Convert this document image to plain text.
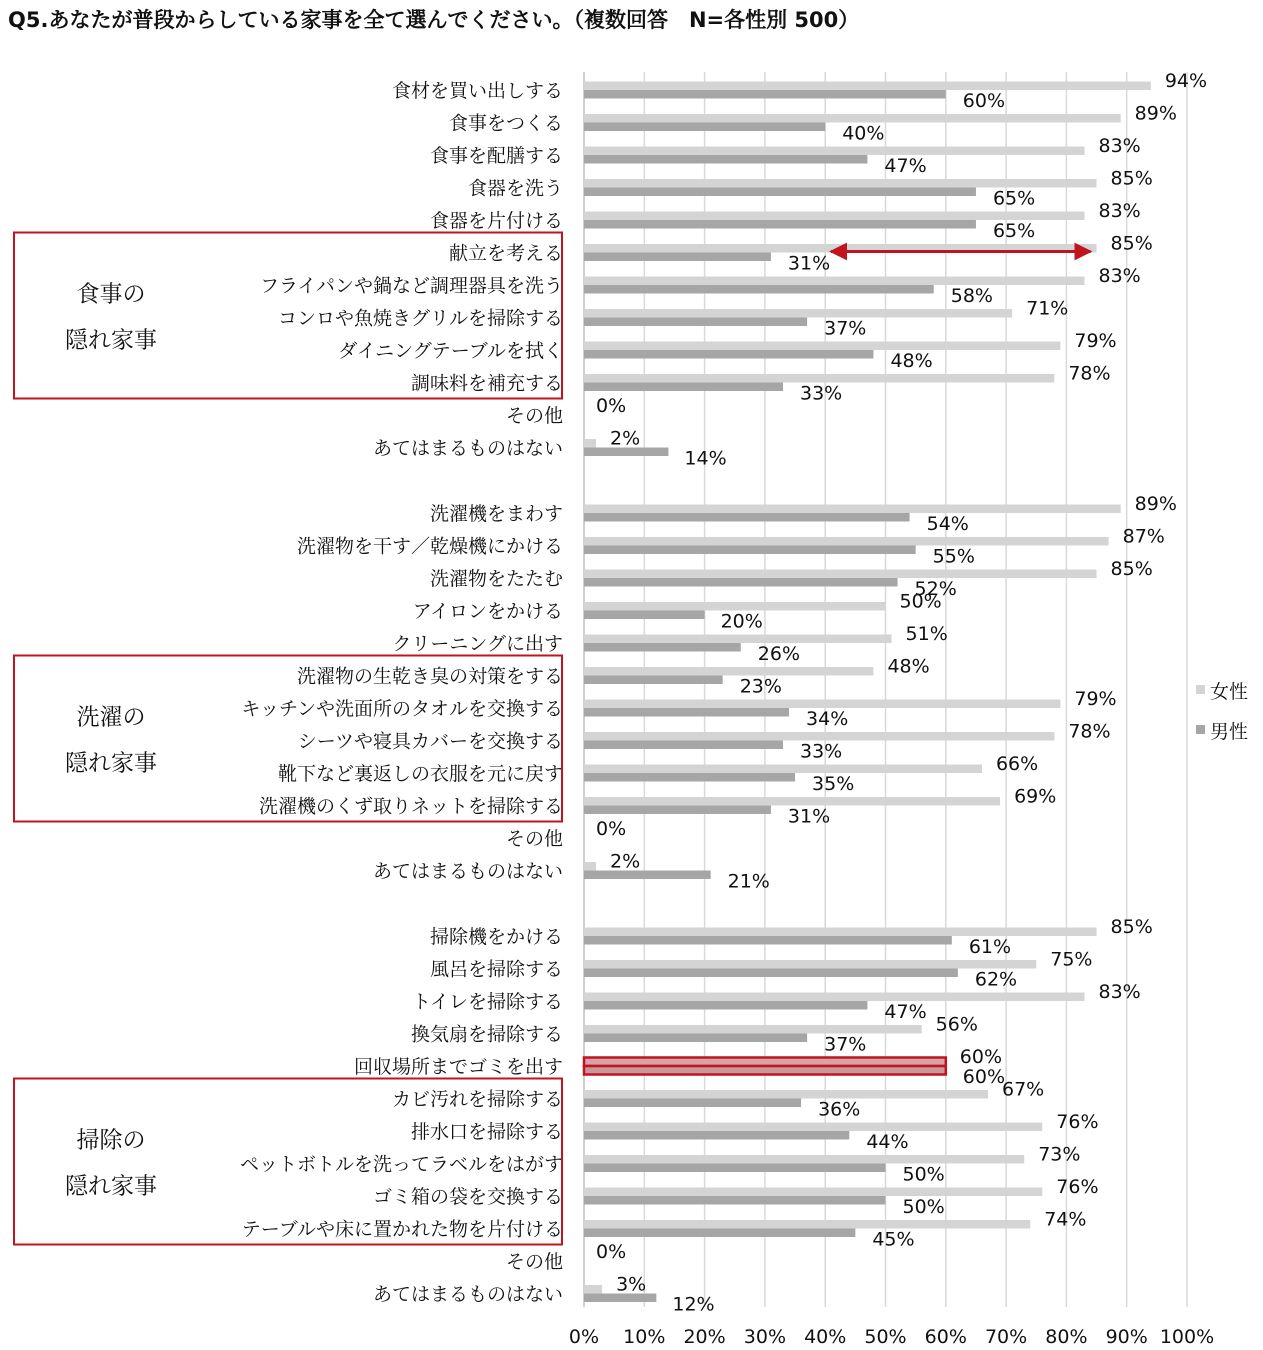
Q5.あなたが普段からしている家事を全て選んでください。（複数回答　N=各性別 500）
0% 10% 20% 30% 40% 50% 60% 70% 80% 90% 100%
食材を買い出しする	94%
60%
食事をつくる	89%
40%
食事を配膳する	83%
47%
食器を洗う	85%
65%
食器を片付ける	83%
65%
献立を考える	85%
31%
フライパンや鍋など調理器具を洗う	83%
58%
コンロや魚焼きグリルを掃除する	71%
37%
ダイニングテーブルを拭く	79%
48%
調味料を補充する	78%
33%
その他 0%
あてはまるものはない 2%
14%
洗濯機をまわす	89%
54%
洗濯物を干す／乾燥機にかける	87%
55%
洗濯物をたたむ	85%
52%
アイロンをかける	50%
20%
クリーニングに出す	51%
26%
洗濯物の生乾き臭の対策をする	48%
23%
キッチンや洗面所のタオルを交換する	79%
34%
シーツや寝具カバーを交換する	78%
33%
靴下など裏返しの衣服を元に戻す	66%
35%
洗濯機のくず取りネットを掃除する	69%
31%
その他 0%
あてはまるものはない 2%
21%
掃除機をかける	85%
61%
風呂を掃除する	75%
62%
トイレを掃除する	83%
47%
換気扇を掃除する	56%
37%
回収場所までゴミを出す	60%
60%
カビ汚れを掃除する	67%
36%
排水口を掃除する	76%
44%
ペットボトルを洗ってラベルをはがす	73%
50%
ゴミ箱の袋を交換する	76%
50%
テーブルや床に置かれた物を片付ける	74%
45%
その他 0%
あてはまるものはない	3%
12%
食事の
隠れ家事
洗濯の
隠れ家事
掃除の
隠れ家事
女性
男性
